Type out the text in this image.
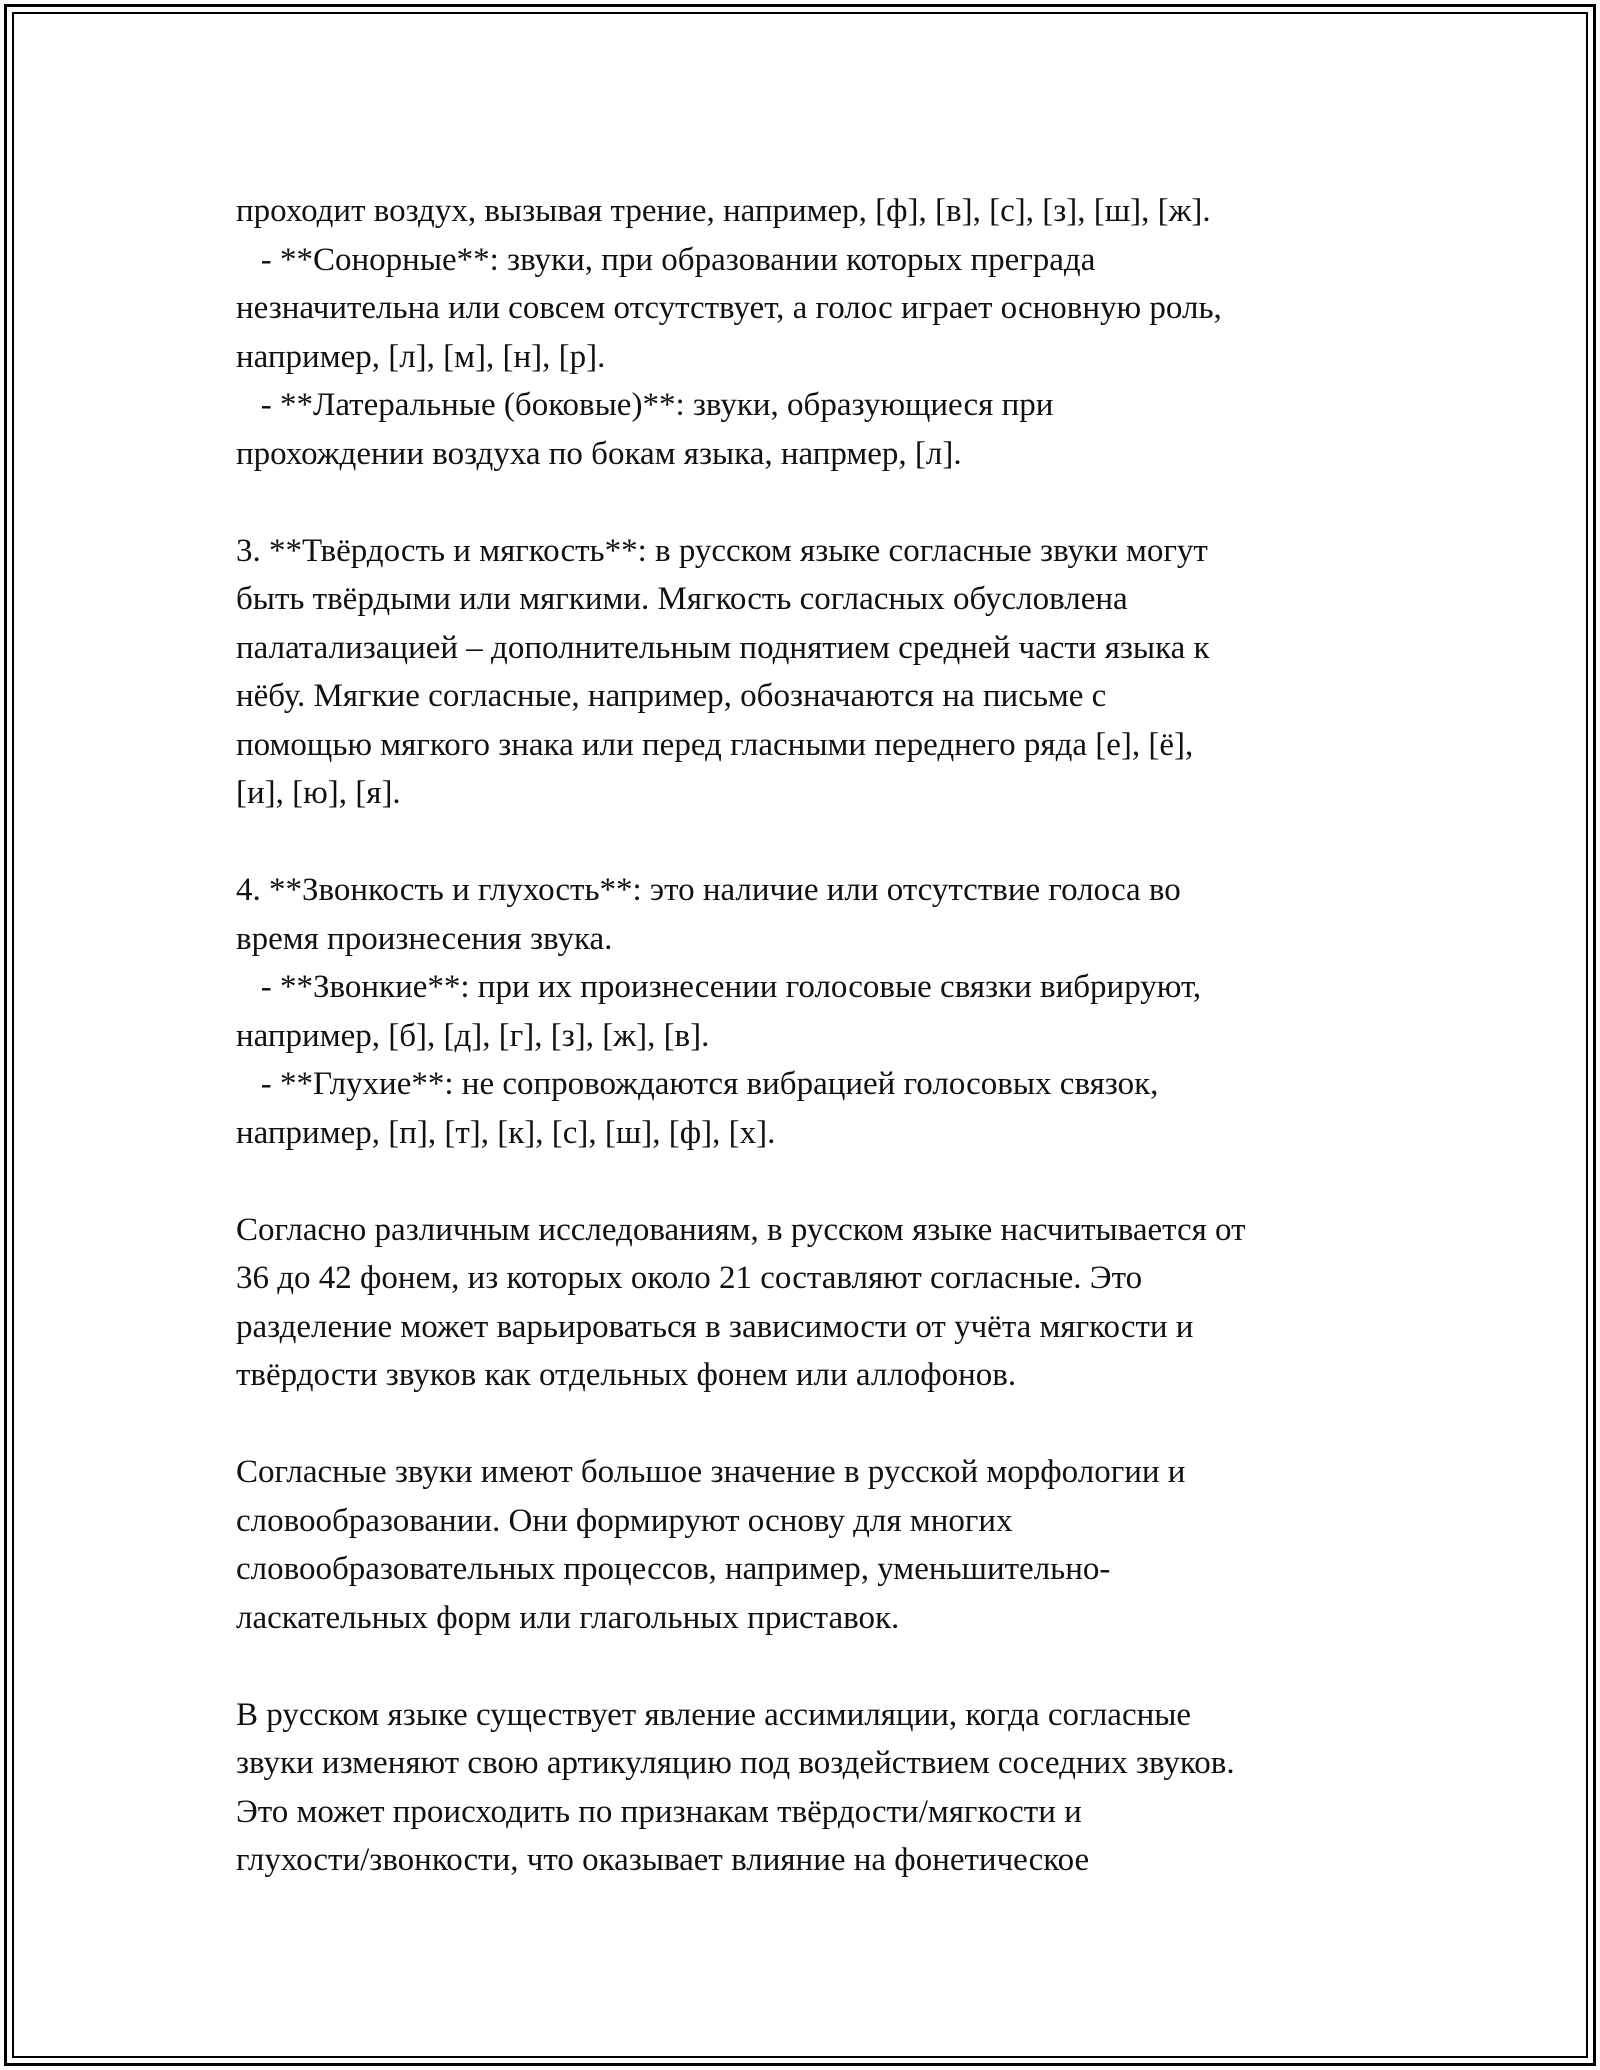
проходит воздух, вызывая трение, например, [ф], [в], [с], [з], [ш], [ж].
- **Сонорные**: звуки, при образовании которых преграда
незначительна или совсем отсутствует, а голос играет основную роль,
например, [л], [м], [н], [р].
- **Латеральные (боковые)**: звуки, образующиеся при
прохождении воздуха по бокам языка, напрмер, [л].
3. **Твёрдость и мягкость**: в русском языке согласные звуки могут
быть твёрдыми или мягкими. Мягкость согласных обусловлена
палатализацией – дополнительным поднятием средней части языка к
нёбу. Мягкие согласные, например, обозначаются на письме с
помощью мягкого знака или перед гласными переднего ряда [е], [ё],
[и], [ю], [я].
4. **Звонкость и глухость**: это наличие или отсутствие голоса во
время произнесения звука.
- **Звонкие**: при их произнесении голосовые связки вибрируют,
например, [б], [д], [г], [з], [ж], [в].
- **Глухие**: не сопровождаются вибрацией голосовых связок,
например, [п], [т], [к], [с], [ш], [ф], [х].
Согласно различным исследованиям, в русском языке насчитывается от
36 до 42 фонем, из которых около 21 составляют согласные. Это
разделение может варьироваться в зависимости от учёта мягкости и
твёрдости звуков как отдельных фонем или аллофонов.
Согласные звуки имеют большое значение в русской морфологии и
словообразовании. Они формируют основу для многих
словообразовательных процессов, например, уменьшительно-
ласкательных форм или глагольных приставок.
В русском языке существует явление ассимиляции, когда согласные
звуки изменяют свою артикуляцию под воздействием соседних звуков.
Это может происходить по признакам твёрдости/мягкости и
глухости/звонкости, что оказывает влияние на фонетическое
